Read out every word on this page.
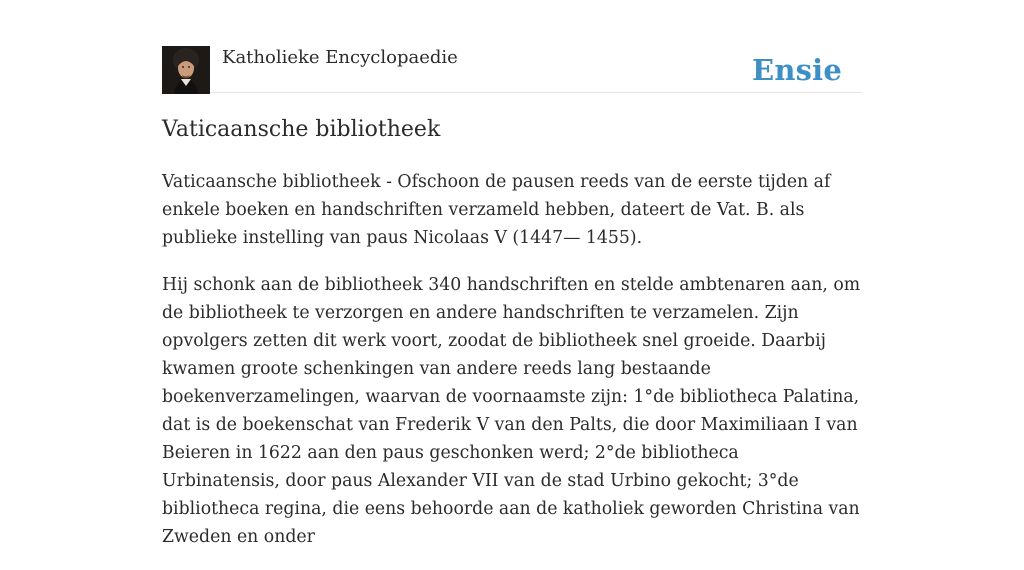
Katholieke Encyclopaedie	Ensie
Vaticaansche bibliotheek

Vaticaansche bibliotheek - Ofschoon de pausen reeds van de eerste tijden af enkele boeken en handschriften verzameld hebben, dateert de Vat. B. als publieke instelling van paus Nicolaas V (1447— 1455).

Hij schonk aan de bibliotheek 340 handschriften en stelde ambtenaren aan, om de bibliotheek te verzorgen en andere handschriften te verzamelen. Zijn opvolgers zetten dit werk voort, zoodat de bibliotheek snel groeide. Daarbij kwamen groote schenkingen van andere reeds lang bestaande boekenverzamelingen, waarvan de voornaamste zijn: 1°de bibliotheca Palatina, dat is de boekenschat van Frederik V van den Palts, die door Maximiliaan I van Beieren in 1622 aan den paus geschonken werd; 2°de bibliotheca Urbinatensis, door paus Alexander VII van de stad Urbino gekocht; 3°de bibliotheca regina, die eens behoorde aan de katholiek geworden Christina van Zweden en onder
